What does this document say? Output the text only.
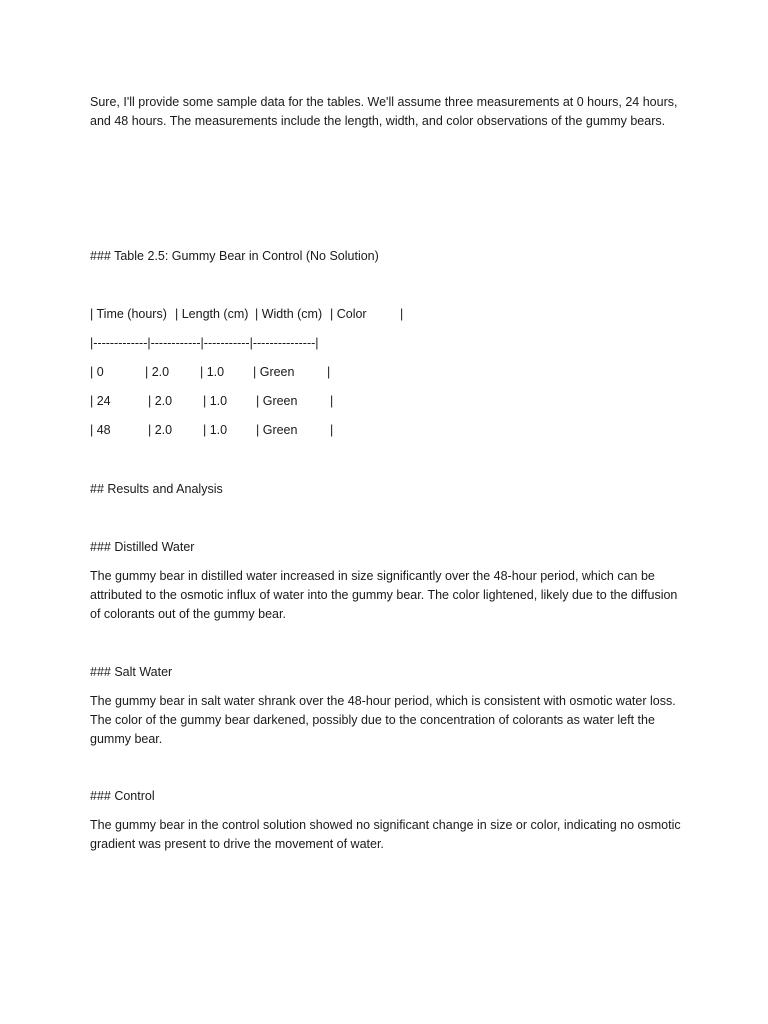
Sure, I'll provide some sample data for the tables. We'll assume three measurements at 0 hours, 24 hours, and 48 hours. The measurements include the length, width, and color observations of the gummy bears.

### Table 2.5: Gummy Bear in Control (No Solution)

| Time (hours) | Length (cm) | Width (cm) | Color	|

|-------------|------------|-----------|---------------|

| 0	| 2.0 | 1.0 | Green	|
| 24	| 2.0 | 1.0 | Green	|
| 48	| 2.0 | 1.0 | Green	|

## Results and Analysis

### Distilled Water

The gummy bear in distilled water increased in size significantly over the 48-hour period, which can be attributed to the osmotic influx of water into the gummy bear. The color lightened, likely due to the diffusion of colorants out of the gummy bear.

### Salt Water

The gummy bear in salt water shrank over the 48-hour period, which is consistent with osmotic water loss. The color of the gummy bear darkened, possibly due to the concentration of colorants as water left the gummy bear.

### Control

The gummy bear in the control solution showed no significant change in size or color, indicating no osmotic gradient was present to drive the movement of water.
